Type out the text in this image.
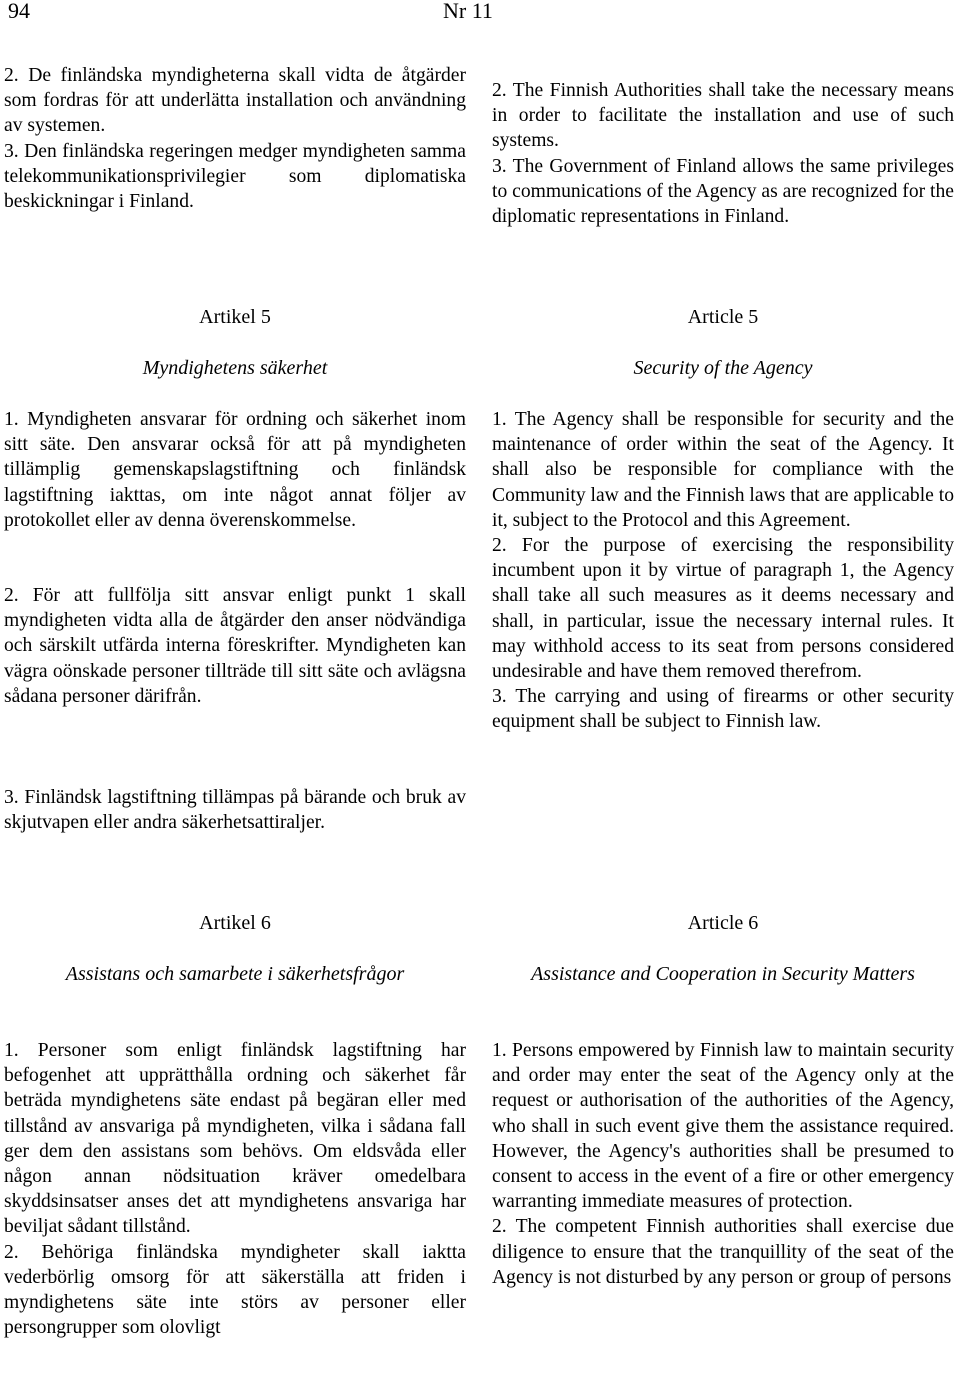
94	Nr 11

2. De finländska myndigheterna skall vidta de åtgärder som fordras för att underlätta installation och användning av systemen.

3. Den finländska regeringen medger myndigheten samma telekommunikationsprivilegier som diplomatiska beskickningar i Finland.

2. The Finnish Authorities shall take the necessary means in order to facilitate the installation and use of such systems.

3. The Government of Finland allows the same privileges to communications of the Agency as are recognized for the diplomatic representations in Finland.

Artikel 5	Article 5
Myndighetens säkerhet	Security of the Agency

1. Myndigheten ansvarar för ordning och säkerhet inom sitt säte. Den ansvarar också för att på myndigheten tillämplig gemenskapslagstiftning och finländsk lagstiftning iakttas, om inte något annat följer av protokollet eller av denna överenskommelse.

2. För att fullfölja sitt ansvar enligt punkt 1 skall myndigheten vidta alla de åtgärder den anser nödvändiga och särskilt utfärda interna föreskrifter. Myndigheten kan vägra oönskade personer tillträde till sitt säte och avlägsna sådana personer därifrån.

3. Finländsk lagstiftning tillämpas på bärande och bruk av skjutvapen eller andra säkerhetsattiraljer.

1. The Agency shall be responsible for security and the maintenance of order within the seat of the Agency. It shall also be responsible for compliance with the Community law and the Finnish laws that are applicable to it, subject to the Protocol and this Agreement.

2. For the purpose of exercising the responsibility incumbent upon it by virtue of paragraph 1, the Agency shall take all such measures as it deems necessary and shall, in particular, issue the necessary internal rules. It may withhold access to its seat from persons considered undesirable and have them removed therefrom.

3. The carrying and using of firearms or other security equipment shall be subject to Finnish law.

Artikel 6	Article 6
Assistans och samarbete i säkerhetsfrågor	Assistance and Cooperation in Security Matters

1. Personer som enligt finländsk lagstiftning har befogenhet att upprätthålla ordning och säkerhet får beträda myndighetens säte endast på begäran eller med tillstånd av ansvariga på myndigheten, vilka i sådana fall ger dem den assistans som behövs. Om eldsvåda eller någon annan nödsituation kräver omedelbara skyddsinsatser anses det att myndighetens ansvariga har beviljat sådant tillstånd.

2. Behöriga finländska myndigheter skall iaktta vederbörlig omsorg för att säkerställa att friden i myndighetens säte inte störs av personer eller persongrupper som olovligt

1. Persons empowered by Finnish law to maintain security and order may enter the seat of the Agency only at the request or authorisation of the authorities of the Agency, who shall in such event give them the assistance required. However, the Agency's authorities shall be presumed to consent to access in the event of a fire or other emergency warranting immediate measures of protection.

2. The competent Finnish authorities shall exercise due diligence to ensure that the tranquillity of the seat of the Agency is not disturbed by any person or group of persons
